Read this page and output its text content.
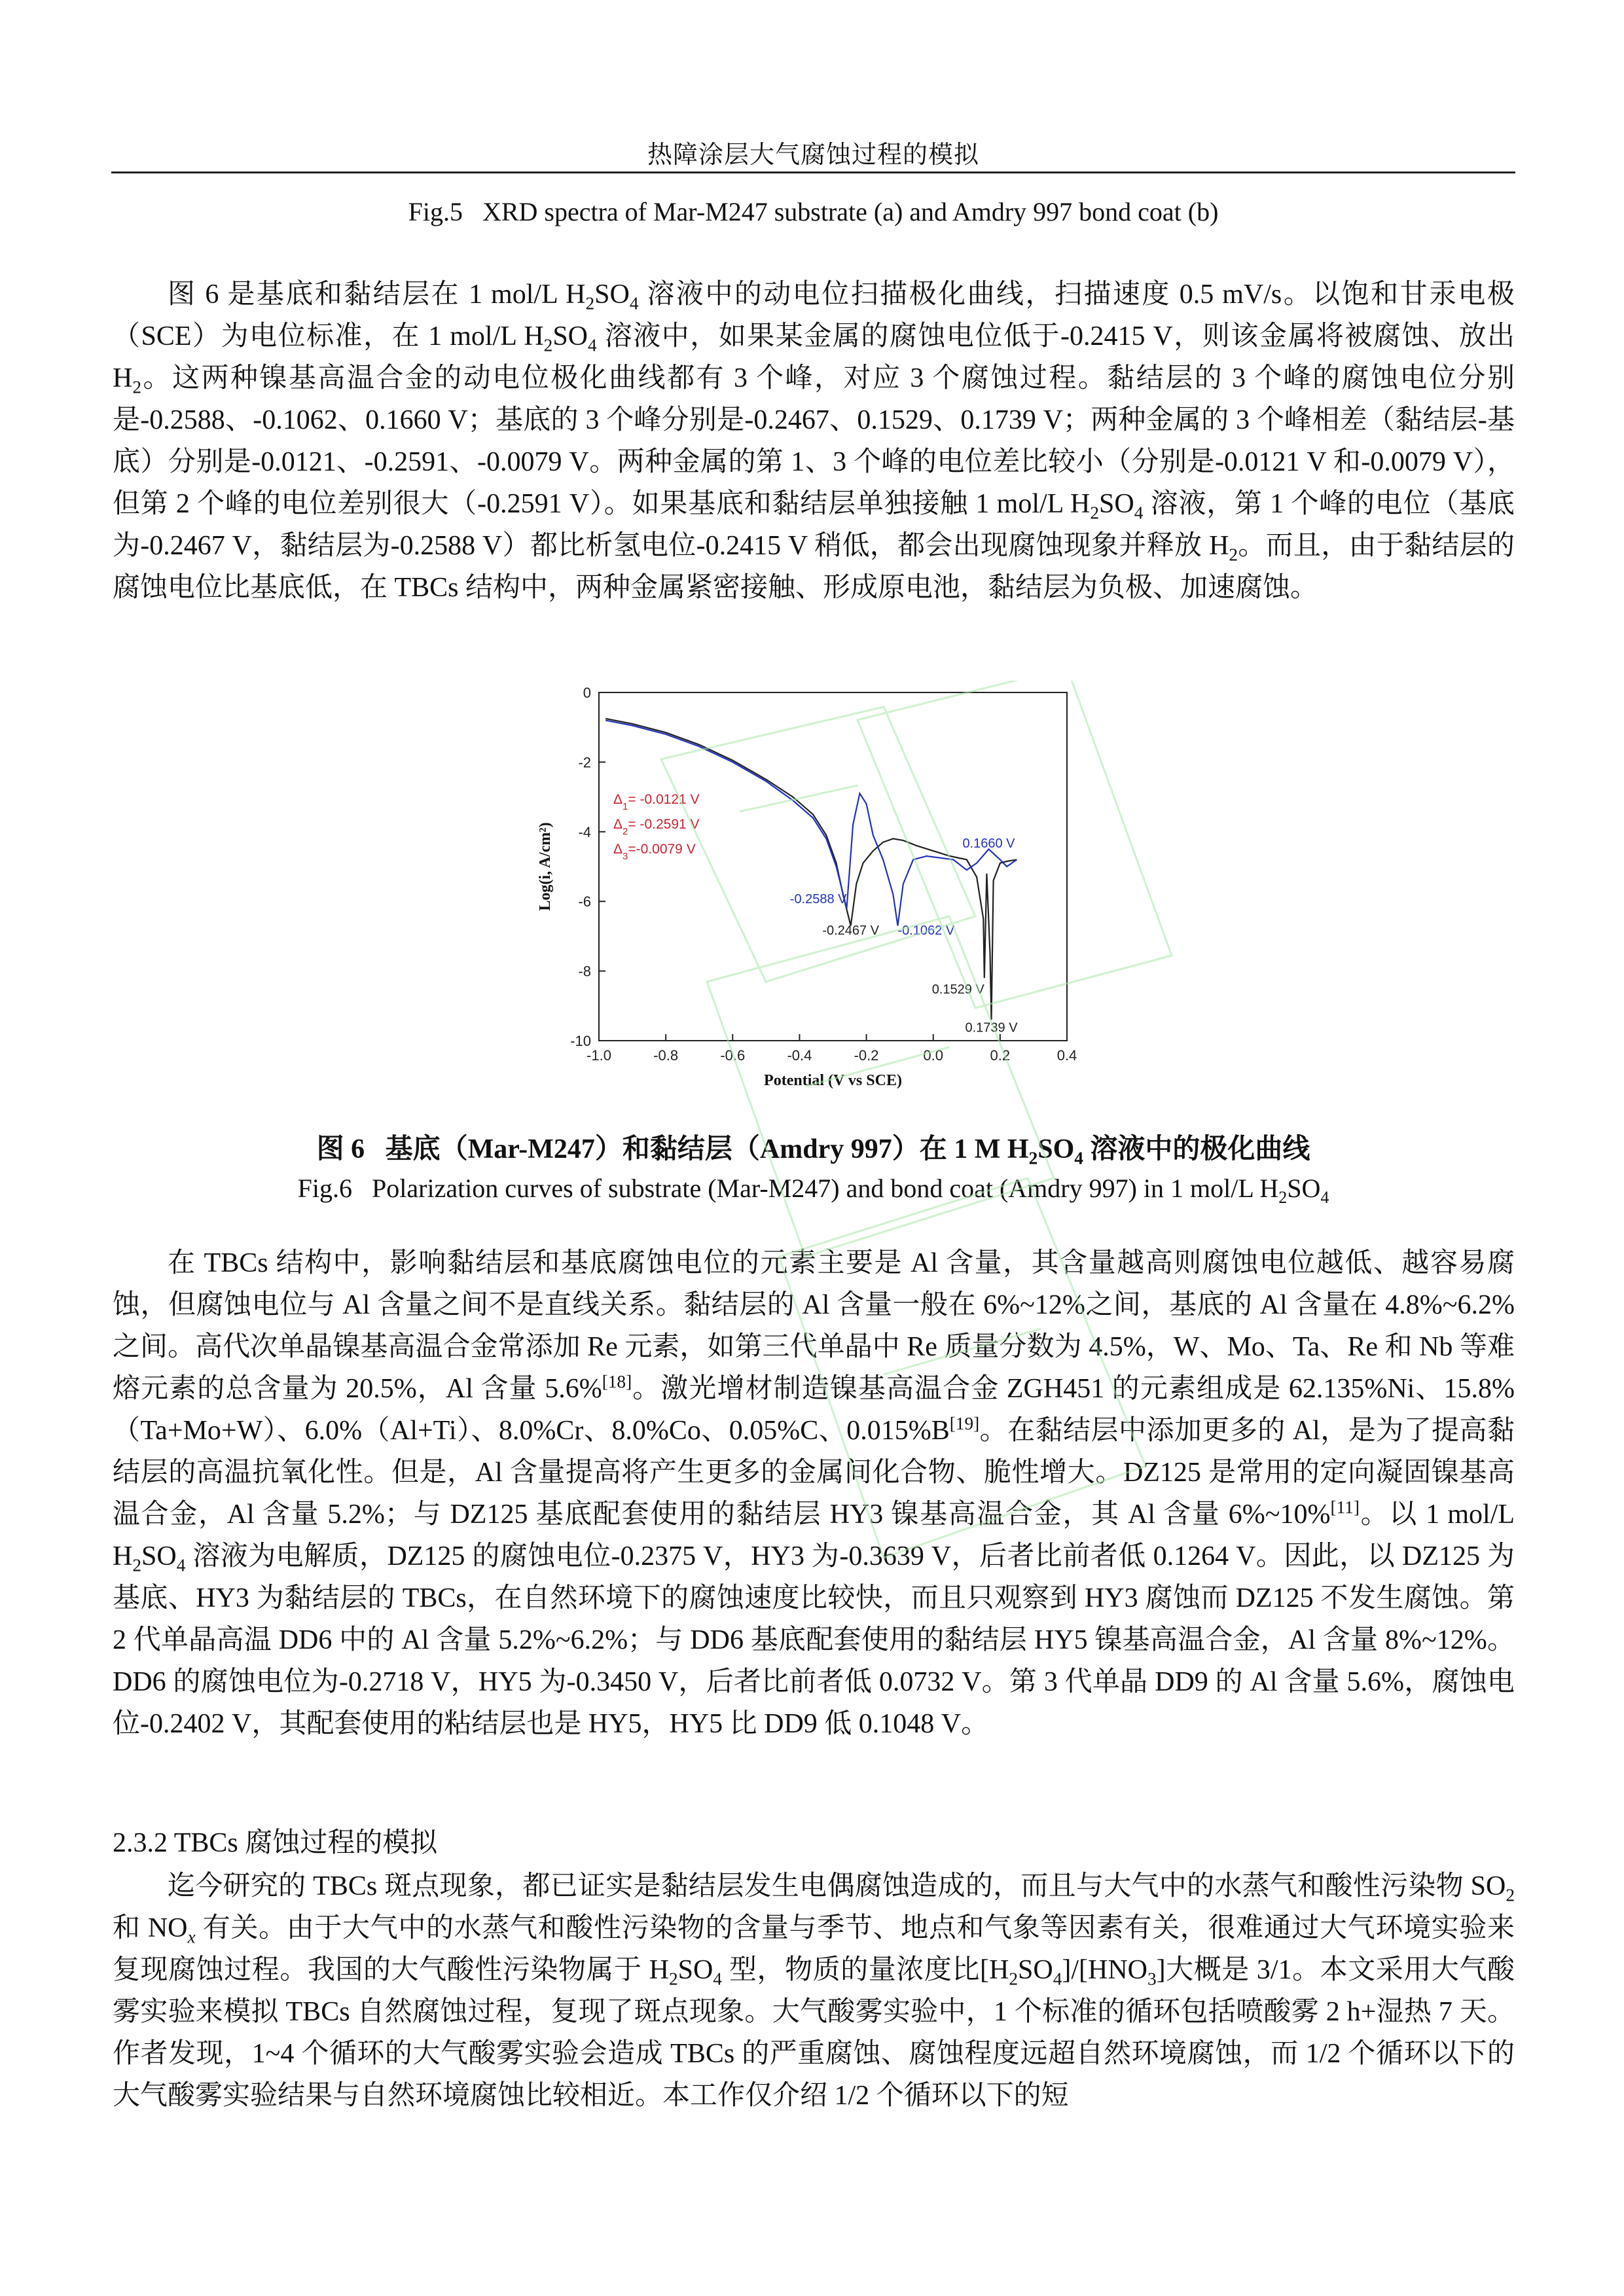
热障涂层大气腐蚀过程的模拟
Fig.5   XRD spectra of Mar-M247 substrate (a) and Amdry 997 bond coat (b)

图 6 是基底和黏结层在 1 mol/L $H_2SO_4$ 溶液中的动电位扫描极化曲线，扫描速度 0.5 mV/s。以饱和甘汞电极（SCE）为电位标准，在 1 mol/L $H_2SO_4$ 溶液中，如果某金属的腐蚀电位低于-0.2415 V，则该金属将被腐蚀、放出 $H_2$。这两种镍基高温合金的动电位极化曲线都有 3 个峰，对应 3 个腐蚀过程。黏结层的 3 个峰的腐蚀电位分别是-0.2588、-0.1062、0.1660 V；基底的 3 个峰分别是-0.2467、0.1529、0.1739 V；两种金属的 3 个峰相差（黏结层-基底）分别是-0.0121、-0.2591、-0.0079 V。两种金属的第 1、3 个峰的电位差比较小（分别是-0.0121 V 和-0.0079 V），但第 2 个峰的电位差别很大（-0.2591 V）。如果基底和黏结层单独接触 1 mol/L $H_2SO_4$ 溶液，第 1 个峰的电位（基底为-0.2467 V，黏结层为-0.2588 V）都比析氢电位-0.2415 V 稍低，都会出现腐蚀现象并释放 $H_2$。而且，由于黏结层的腐蚀电位比基底低，在 TBCs 结构中，两种金属紧密接触、形成原电池，黏结层为负极、加速腐蚀。

-1.0	-0.8	-0.6	-0.4	-0.2	0.0	0.2	0.4
0
-2
-4
-6
-8
-10
Potential (V vs SCE)
Log(i, A/cm²)	-0.2588 V
-0.2467 V -0.1062 V
0.1660 V
0.1529 V
0.1739 V
$\Delta_1= -0.0121$ V
$\Delta_2= -0.2591$ V
$\Delta_3=-0.0079$ V
图 6   基底（Mar-M247）和黏结层（Amdry 997）在 1 M $H_2SO_4$ 溶液中的极化曲线
Fig.6   Polarization curves of substrate (Mar-M247) and bond coat (Amdry 997) in 1 mol/L $H_2SO_4$

在 TBCs 结构中，影响黏结层和基底腐蚀电位的元素主要是 Al 含量，其含量越高则腐蚀电位越低、越容易腐蚀，但腐蚀电位与 Al 含量之间不是直线关系。黏结层的 Al 含量一般在 6%~12%之间，基底的 Al 含量在 4.8%~6.2%之间。高代次单晶镍基高温合金常添加 Re 元素，如第三代单晶中 Re 质量分数为 4.5%，W、Mo、Ta、Re 和 Nb 等难熔元素的总含量为 20.5%，Al 含量 5.6%[18]。激光增材制造镍基高温合金 ZGH451 的元素组成是 62.135%Ni、15.8%（Ta+Mo+W）、6.0%（Al+Ti）、8.0%Cr、8.0%Co、0.05%C、0.015%B[19]。在黏结层中添加更多的 Al，是为了提高黏结层的高温抗氧化性。但是，Al 含量提高将产生更多的金属间化合物、脆性增大。DZ125 是常用的定向凝固镍基高温合金，Al 含量 5.2%；与 DZ125 基底配套使用的黏结层 HY3 镍基高温合金，其 Al 含量 6%~10%[11]。以 1 mol/L $H_2SO_4$ 溶液为电解质，DZ125 的腐蚀电位-0.2375 V，HY3 为-0.3639 V，后者比前者低 0.1264 V。因此，以 DZ125 为基底、HY3 为黏结层的 TBCs，在自然环境下的腐蚀速度比较快，而且只观察到 HY3 腐蚀而 DZ125 不发生腐蚀。第 2 代单晶高温 DD6 中的 Al 含量 5.2%~6.2%；与 DD6 基底配套使用的黏结层 HY5 镍基高温合金，Al 含量 8%~12%。DD6 的腐蚀电位为-0.2718 V，HY5 为-0.3450 V，后者比前者低 0.0732 V。第 3 代单晶 DD9 的 Al 含量 5.6%，腐蚀电位-0.2402 V，其配套使用的粘结层也是 HY5，HY5 比 DD9 低 0.1048 V。

2.3.2 TBCs 腐蚀过程的模拟

迄今研究的 TBCs 斑点现象，都已证实是黏结层发生电偶腐蚀造成的，而且与大气中的水蒸气和酸性污染物 $SO_2$ 和 $NO_x$ 有关。由于大气中的水蒸气和酸性污染物的含量与季节、地点和气象等因素有关，很难通过大气环境实验来复现腐蚀过程。我国的大气酸性污染物属于 $H_2SO_4$ 型，物质的量浓度比$[H_2SO_4]/[HNO_3]$大概是 3/1。本文采用大气酸雾实验来模拟 TBCs 自然腐蚀过程，复现了斑点现象。大气酸雾实验中，1 个标准的循环包括喷酸雾 2 h+湿热 7 天。作者发现，1~4 个循环的大气酸雾实验会造成 TBCs 的严重腐蚀、腐蚀程度远超自然环境腐蚀，而 1/2 个循环以下的大气酸雾实验结果与自然环境腐蚀比较相近。本工作仅介绍 1/2 个循环以下的短
